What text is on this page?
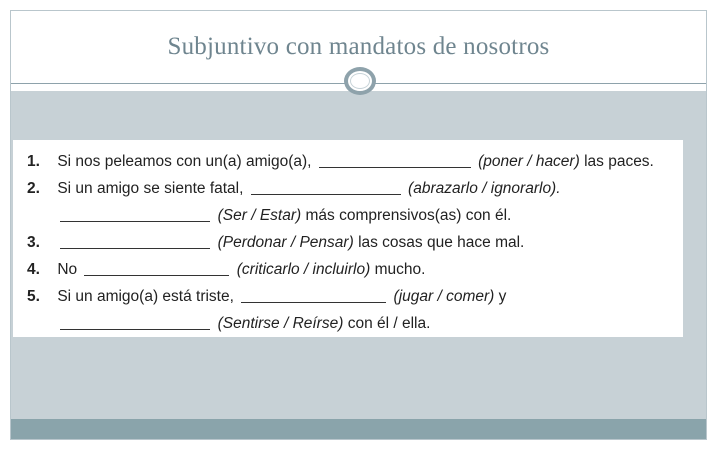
Subjuntivo con mandatos de nosotros
1. Si nos peleamos con un(a) amigo(a),	(poner / hacer) las paces.
2. Si un amigo se siente fatal,	(abrazarlo / ignorarlo).
(Ser / Estar) más comprensivos(as) con él.
3.	(Perdonar / Pensar) las cosas que hace mal.
4. No	(criticarlo / incluirlo) mucho.
5. Si un amigo(a) está triste,	(jugar / comer) y
(Sentirse / Reírse) con él / ella.
